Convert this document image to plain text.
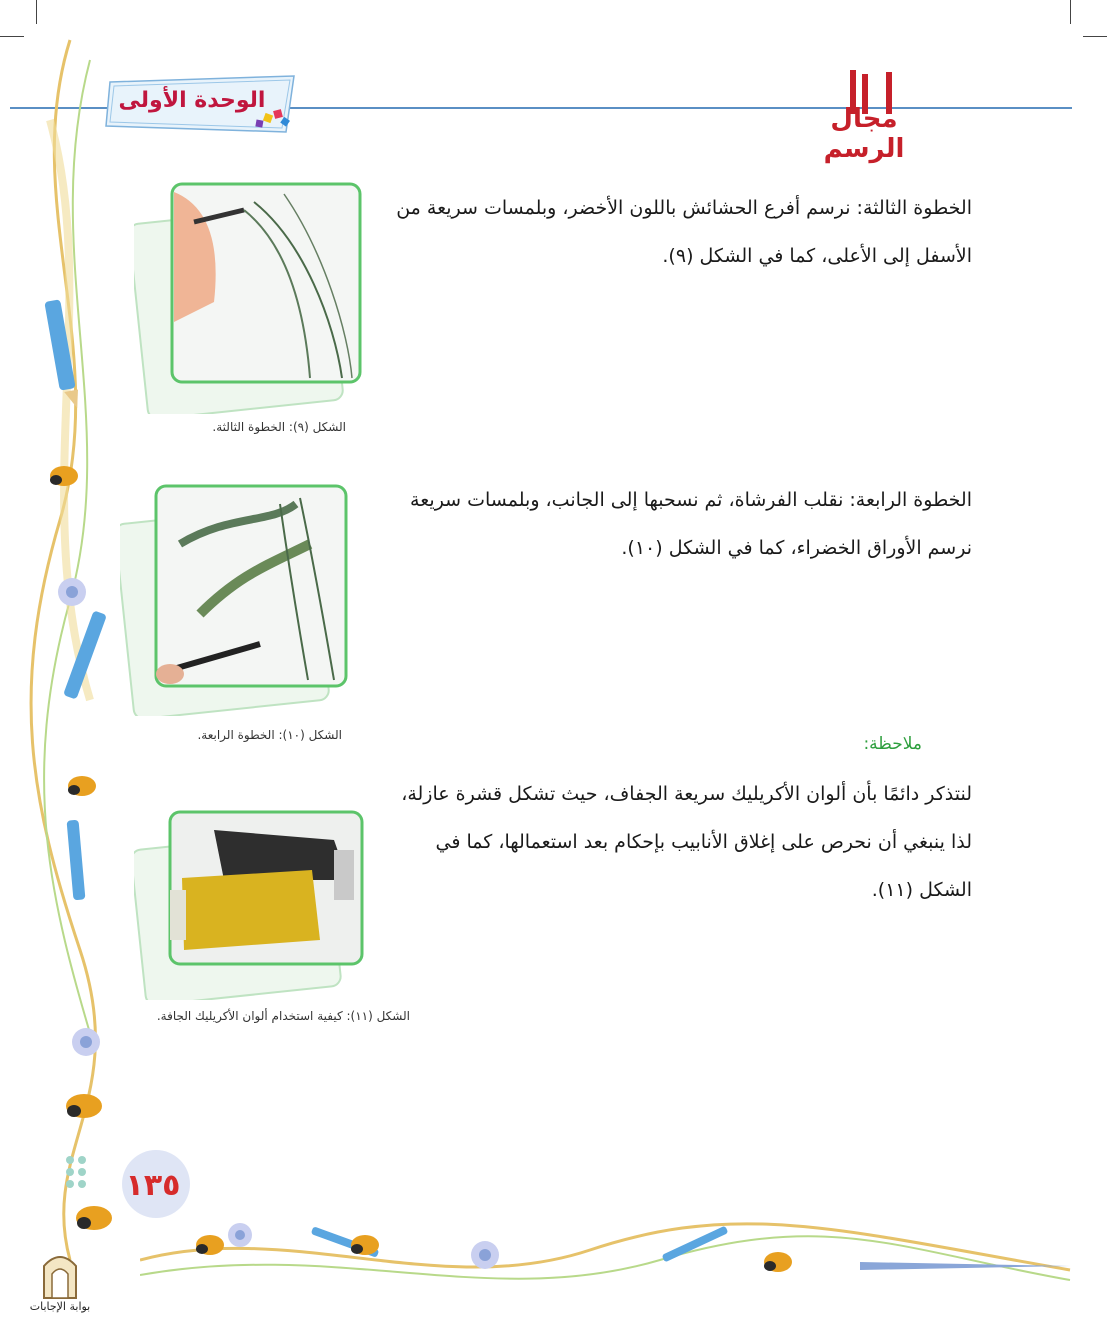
الوحدة الأولى
مجال الرسم
الخطوة الثالثة: نرسم أفرع الحشائش باللون الأخضر، وبلمسات سريعة من الأسفل إلى الأعلى، كما في الشكل (٩).
الشكل (٩): الخطوة الثالثة.
الخطوة الرابعة: نقلب الفرشاة، ثم نسحبها إلى الجانب، وبلمسات سريعة نرسم الأوراق الخضراء، كما في الشكل (١٠).
الشكل (١٠): الخطوة الرابعة.	ملاحظة:
لنتذكر دائمًا بأن ألوان الأكريليك سريعة الجفاف، حيث تشكل قشرة عازلة، لذا ينبغي أن نحرص على إغلاق الأنابيب بإحكام بعد استعمالها، كما في الشكل (١١).
الشكل (١١): كيفية استخدام ألوان الأكريليك الجافة.
١٣٥
بوابة الإجابات
